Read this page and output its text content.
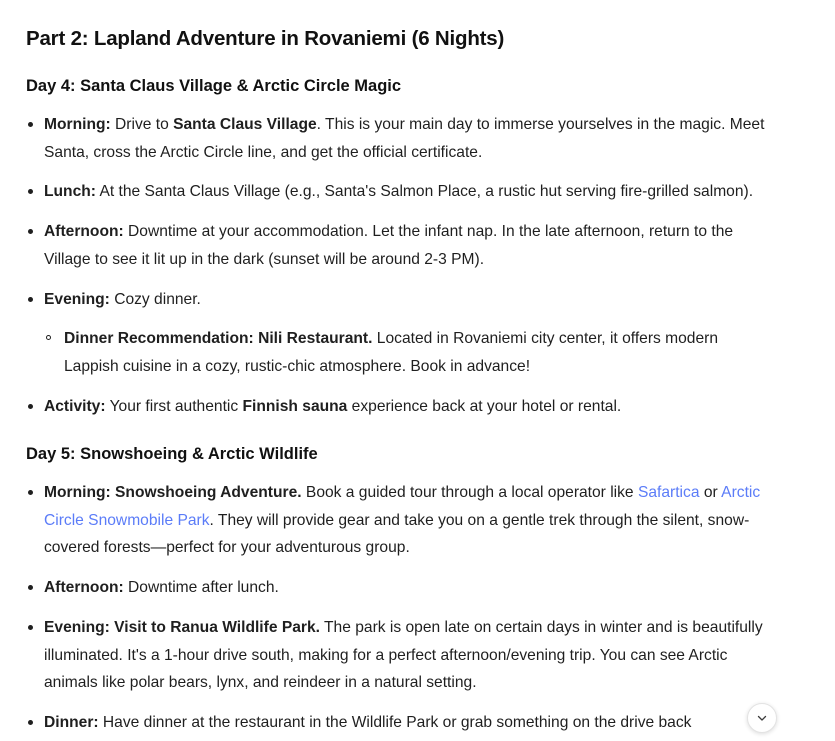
Part 2: Lapland Adventure in Rovaniemi (6 Nights)
Day 4: Santa Claus Village & Arctic Circle Magic
Morning: Drive to Santa Claus Village. This is your main day to immerse yourselves in the magic. Meet Santa, cross the Arctic Circle line, and get the official certificate.
Lunch: At the Santa Claus Village (e.g., Santa's Salmon Place, a rustic hut serving fire-grilled salmon).
Afternoon: Downtime at your accommodation. Let the infant nap. In the late afternoon, return to the Village to see it lit up in the dark (sunset will be around 2-3 PM).
Evening: Cozy dinner.
Dinner Recommendation: Nili Restaurant. Located in Rovaniemi city center, it offers modern Lappish cuisine in a cozy, rustic-chic atmosphere. Book in advance!
Activity: Your first authentic Finnish sauna experience back at your hotel or rental.
Day 5: Snowshoeing & Arctic Wildlife
Morning: Snowshoeing Adventure. Book a guided tour through a local operator like Safartica or Arctic Circle Snowmobile Park. They will provide gear and take you on a gentle trek through the silent, snow-covered forests—perfect for your adventurous group.
Afternoon: Downtime after lunch.
Evening: Visit to Ranua Wildlife Park. The park is open late on certain days in winter and is beautifully illuminated. It's a 1-hour drive south, making for a perfect afternoon/evening trip. You can see Arctic animals like polar bears, lynx, and reindeer in a natural setting.
Dinner: Have dinner at the restaurant in the Wildlife Park or grab something on the drive back
